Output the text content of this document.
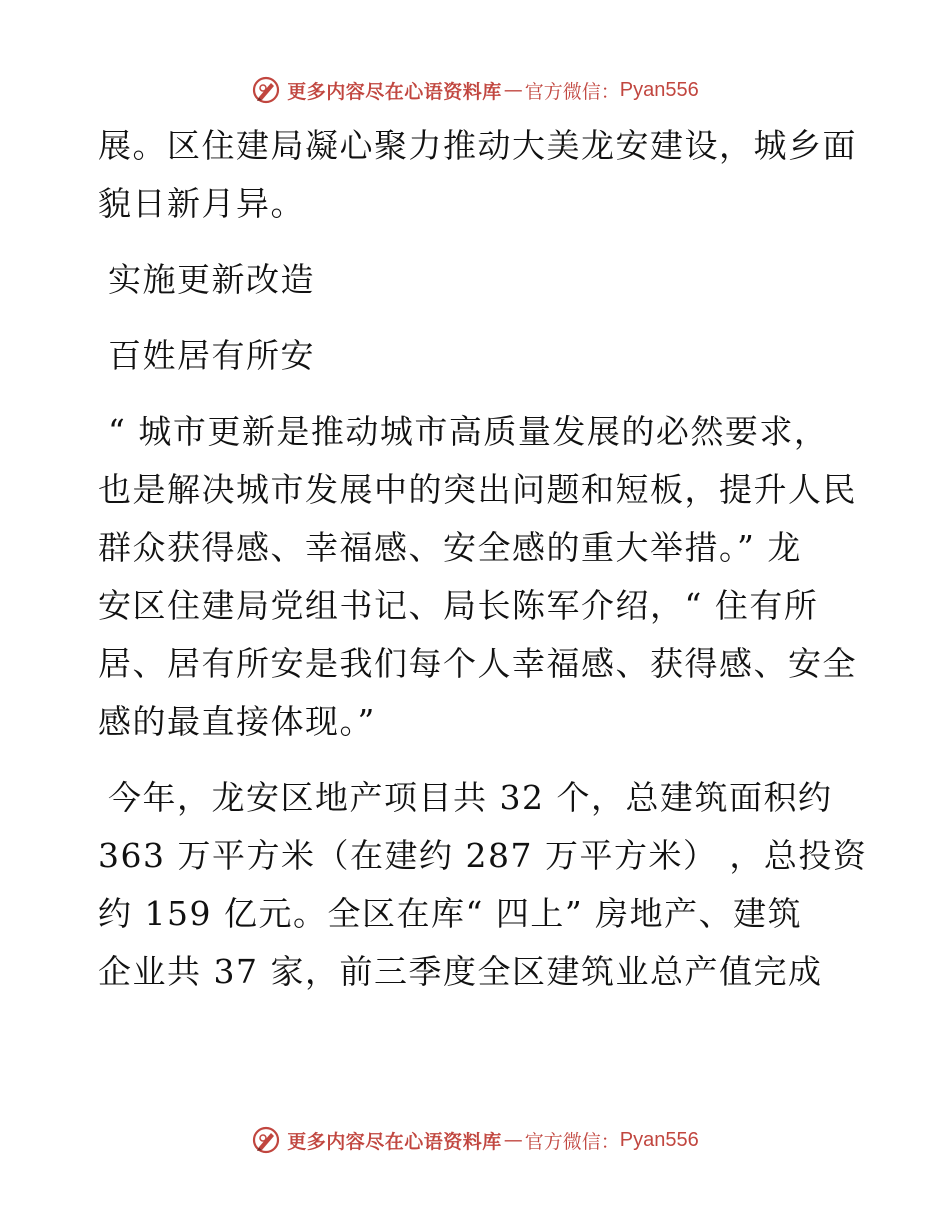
更多内容尽在心语资料库 — 官方微信： Pyan556
展。区住建局凝心聚力推动大美龙安建设，城乡面
貌日新月异。
实施更新改造
百姓居有所安
“ 城市更新是推动城市高质量发展的必然要求，
也是解决城市发展中的突出问题和短板，提升人民
群众获得感、幸福感、安全感的重大举措。” 龙
安区住建局党组书记、局长陈军介绍，“ 住有所
居、居有所安是我们每个人幸福感、获得感、安全
感的最直接体现。”
今年，龙安区地产项目共 32 个，总建筑面积约
363 万平方米（在建约 287 万平方米） ，总投资
约 159 亿元。全区在库“ 四上” 房地产、建筑
企业共 37 家，前三季度全区建筑业总产值完成
更多内容尽在心语资料库 — 官方微信： Pyan556
